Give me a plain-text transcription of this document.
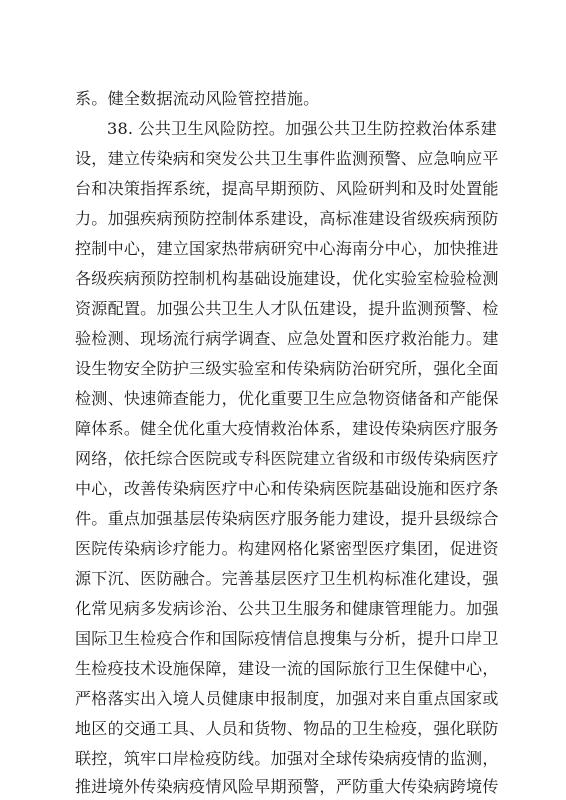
系。健全数据流动风险管控措施。
38. 公共卫生风险防控。加强公共卫生防控救治体系建
设，建立传染病和突发公共卫生事件监测预警、应急响应平
台和决策指挥系统，提高早期预防、风险研判和及时处置能
力。加强疾病预防控制体系建设，高标准建设省级疾病预防
控制中心，建立国家热带病研究中心海南分中心，加快推进
各级疾病预防控制机构基础设施建设，优化实验室检验检测
资源配置。加强公共卫生人才队伍建设，提升监测预警、检
验检测、现场流行病学调查、应急处置和医疗救治能力。建
设生物安全防护三级实验室和传染病防治研究所，强化全面
检测、快速筛查能力，优化重要卫生应急物资储备和产能保
障体系。健全优化重大疫情救治体系，建设传染病医疗服务
网络，依托综合医院或专科医院建立省级和市级传染病医疗
中心，改善传染病医疗中心和传染病医院基础设施和医疗条
件。重点加强基层传染病医疗服务能力建设，提升县级综合
医院传染病诊疗能力。构建网格化紧密型医疗集团，促进资
源下沉、医防融合。完善基层医疗卫生机构标准化建设，强
化常见病多发病诊治、公共卫生服务和健康管理能力。加强
国际卫生检疫合作和国际疫情信息搜集与分析，提升口岸卫
生检疫技术设施保障，建设一流的国际旅行卫生保健中心，
严格落实出入境人员健康申报制度，加强对来自重点国家或
地区的交通工具、人员和货物、物品的卫生检疫，强化联防
联控，筑牢口岸检疫防线。加强对全球传染病疫情的监测，
推进境外传染病疫情风险早期预警，严防重大传染病跨境传
